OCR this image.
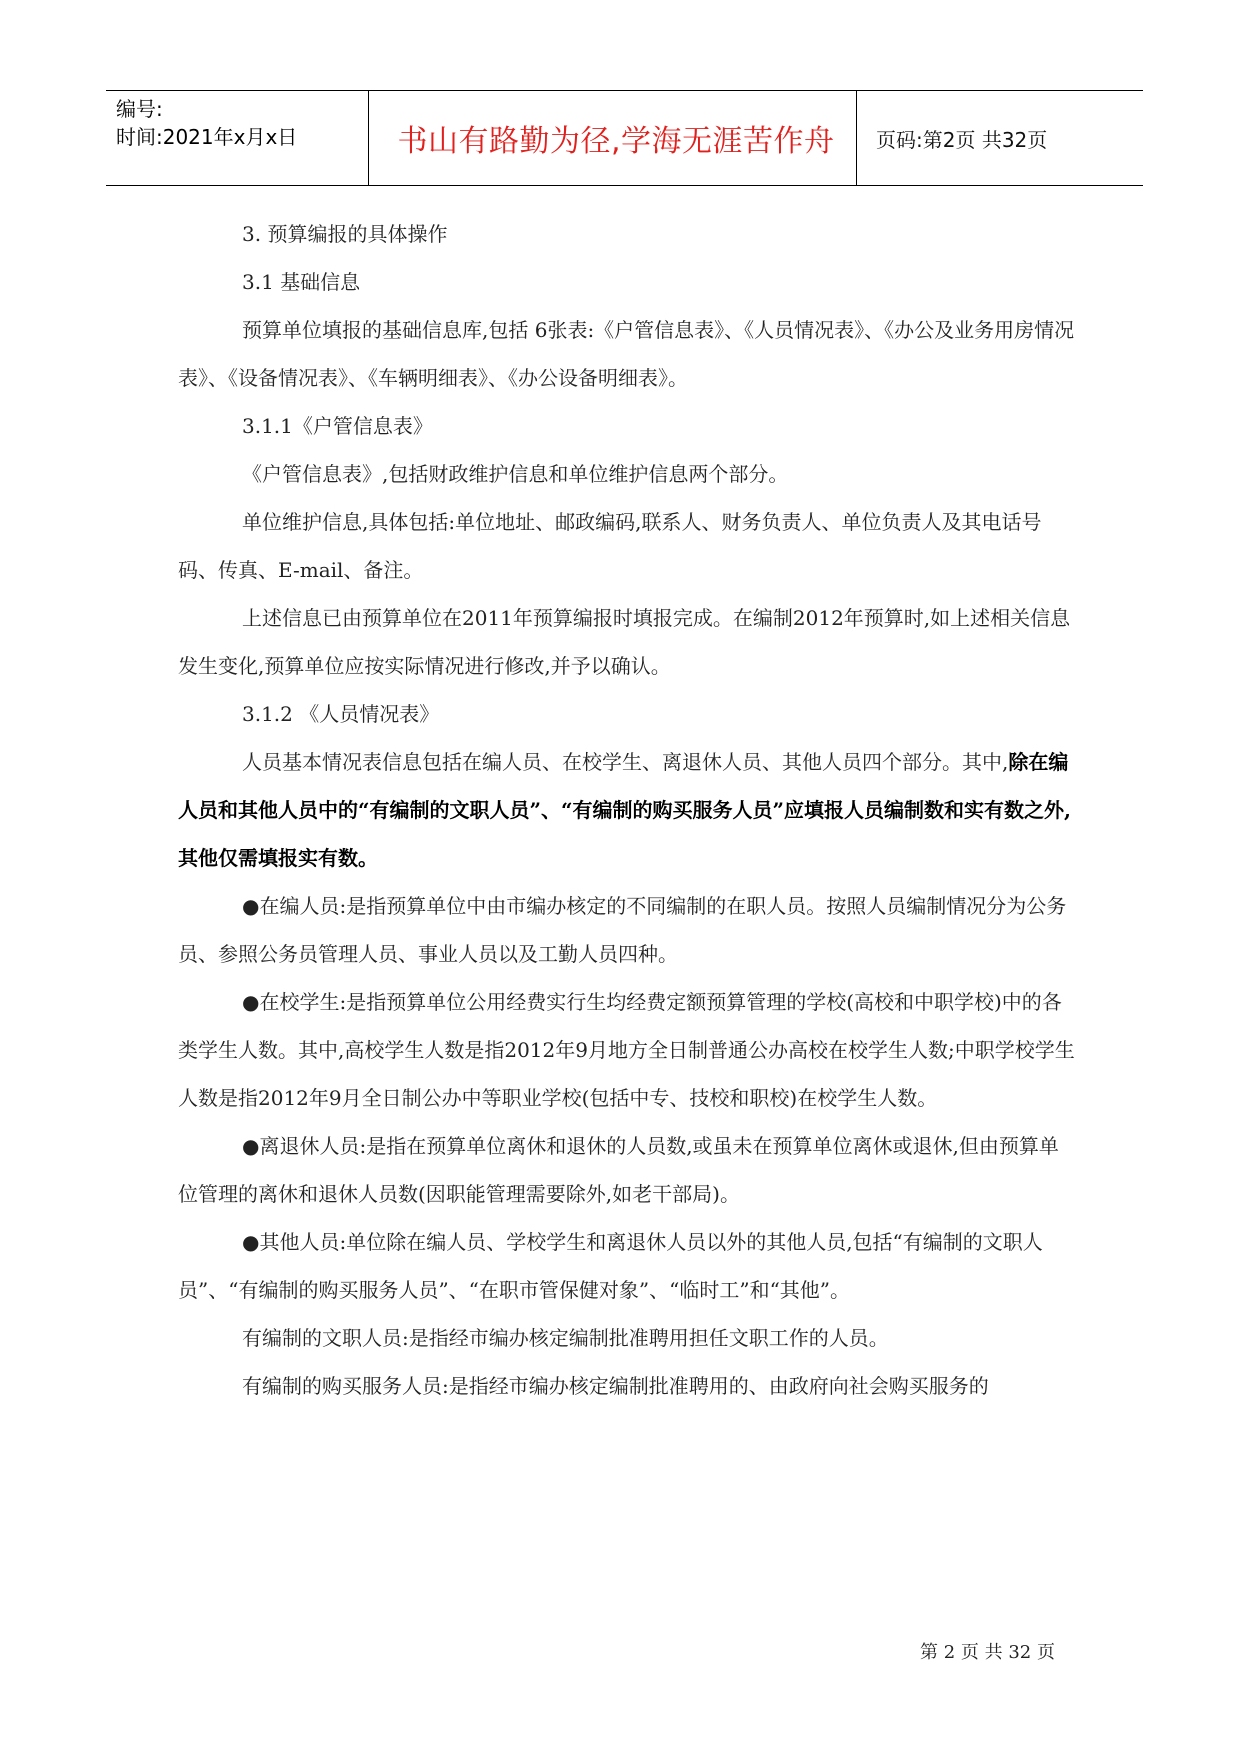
编号:
时间:2021年x月x日	书山有路勤为径,学海无涯苦作舟 页码:第2页 共32页

3. 预算编报的具体操作

3.1 基础信息

预算单位填报的基础信息库,包括 6张表:《户管信息表》、《人员情况表》、《办公及业务用房情况表》、《设备情况表》、《车辆明细表》、《办公设备明细表》。

3.1.1《户管信息表》

《户管信息表》,包括财政维护信息和单位维护信息两个部分。

单位维护信息,具体包括:单位地址、邮政编码,联系人、财务负责人、单位负责人及其电话号码、传真、E-mail、备注。

上述信息已由预算单位在2011年预算编报时填报完成。在编制2012年预算时,如上述相关信息发生变化,预算单位应按实际情况进行修改,并予以确认。

3.1.2 《人员情况表》

人员基本情况表信息包括在编人员、在校学生、离退休人员、其他人员四个部分。其中,除在编人员和其他人员中的“有编制的文职人员”、“有编制的购买服务人员”应填报人员编制数和实有数之外,其他仅需填报实有数。

●在编人员:是指预算单位中由市编办核定的不同编制的在职人员。按照人员编制情况分为公务员、参照公务员管理人员、事业人员以及工勤人员四种。

●在校学生:是指预算单位公用经费实行生均经费定额预算管理的学校(高校和中职学校)中的各类学生人数。其中,高校学生人数是指2012年9月地方全日制普通公办高校在校学生人数;中职学校学生人数是指2012年9月全日制公办中等职业学校(包括中专、技校和职校)在校学生人数。

●离退休人员:是指在预算单位离休和退休的人员数,或虽未在预算单位离休或退休,但由预算单位管理的离休和退休人员数(因职能管理需要除外,如老干部局)。

●其他人员:单位除在编人员、学校学生和离退休人员以外的其他人员,包括“有编制的文职人员”、“有编制的购买服务人员”、“在职市管保健对象”、“临时工”和“其他”。

有编制的文职人员:是指经市编办核定编制批准聘用担任文职工作的人员。

有编制的购买服务人员:是指经市编办核定编制批准聘用的、由政府向社会购买服务的

第 2 页 共 32 页
